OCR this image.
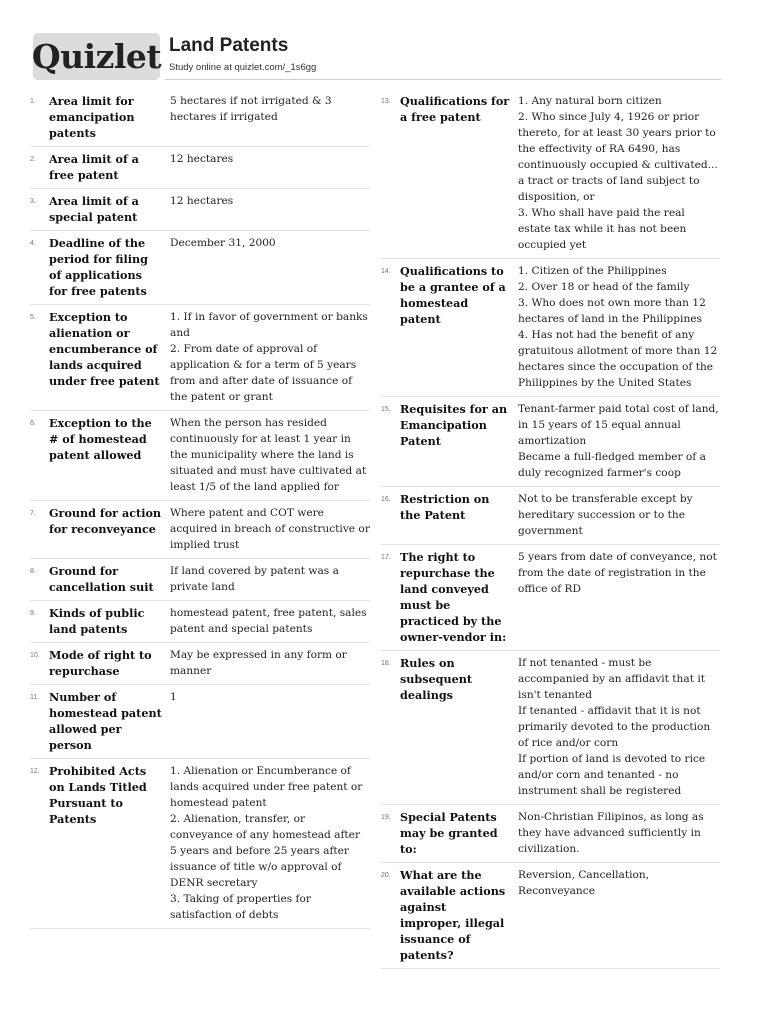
Quizlet Land Patents
Study online at quizlet.com/_1s6gg
1.	Area limit for emancipation patents
5 hectares if not irrigated & 3 hectares if irrigated
2.	Area limit of a free patent
12 hectares
3.	Area limit of a special patent
12 hectares
4.	Deadline of the period for filing of applications for free patents
December 31, 2000
5.	Exception to alienation or encumberance of lands acquired under free patent
1. If in favor of government or banks and
2. From date of approval of application & for a term of 5 years from and after date of issuance of the patent or grant
6.	Exception to the # of homestead patent allowed
When the person has resided continuously for at least 1 year in the municipality where the land is situated and must have cultivated at least 1/5 of the land applied for
7.	Ground for action for reconveyance
Where patent and COT were acquired in breach of constructive or implied trust
8.	Ground for cancellation suit
If land covered by patent was a private land
9.	Kinds of public land patents
homestead patent, free patent, sales patent and special patents
10. Mode of right to repurchase
May be expressed in any form or manner
11. Number of homestead patent allowed per person
1
12. Prohibited Acts on Lands Titled Pursuant to Patents
1. Alienation or Encumberance of lands acquired under free patent or homestead patent
2. Alienation, transfer, or conveyance of any homestead after 5 years and before 25 years after issuance of title w/o approval of DENR secretary
3. Taking of properties for satisfaction of debts
13. Qualifications for a free patent
1. Any natural born citizen
2. Who since July 4, 1926 or prior thereto, for at least 30 years prior to the effectivity of RA 6490, has continuously occupied & cultivated... a tract or tracts of land subject to disposition, or
3. Who shall have paid the real estate tax while it has not been occupied yet
14. Qualifications to be a grantee of a homestead patent
1. Citizen of the Philippines
2. Over 18 or head of the family
3. Who does not own more than 12 hectares of land in the Philippines
4. Has not had the benefit of any gratuitous allotment of more than 12 hectares since the occupation of the Philippines by the United States
15. Requisites for an Emancipation Patent
Tenant-farmer paid total cost of land, in 15 years of 15 equal annual amortization
Became a full-fledged member of a duly recognized farmer's coop
16. Restriction on the Patent
Not to be transferable except by hereditary succession or to the government
17. The right to repurchase the land conveyed must be practiced by the owner-vendor in:
5 years from date of conveyance, not from the date of registration in the office of RD
18. Rules on subsequent dealings
If not tenanted - must be accompanied by an affidavit that it isn't tenanted
If tenanted - affidavit that it is not primarily devoted to the production of rice and/or corn
If portion of land is devoted to rice and/or corn and tenanted - no instrument shall be registered
19. Special Patents may be granted to:
Non-Christian Filipinos, as long as they have advanced sufficiently in civilization.
20. What are the available actions against improper, illegal issuance of patents?
Reversion, Cancellation, Reconveyance
